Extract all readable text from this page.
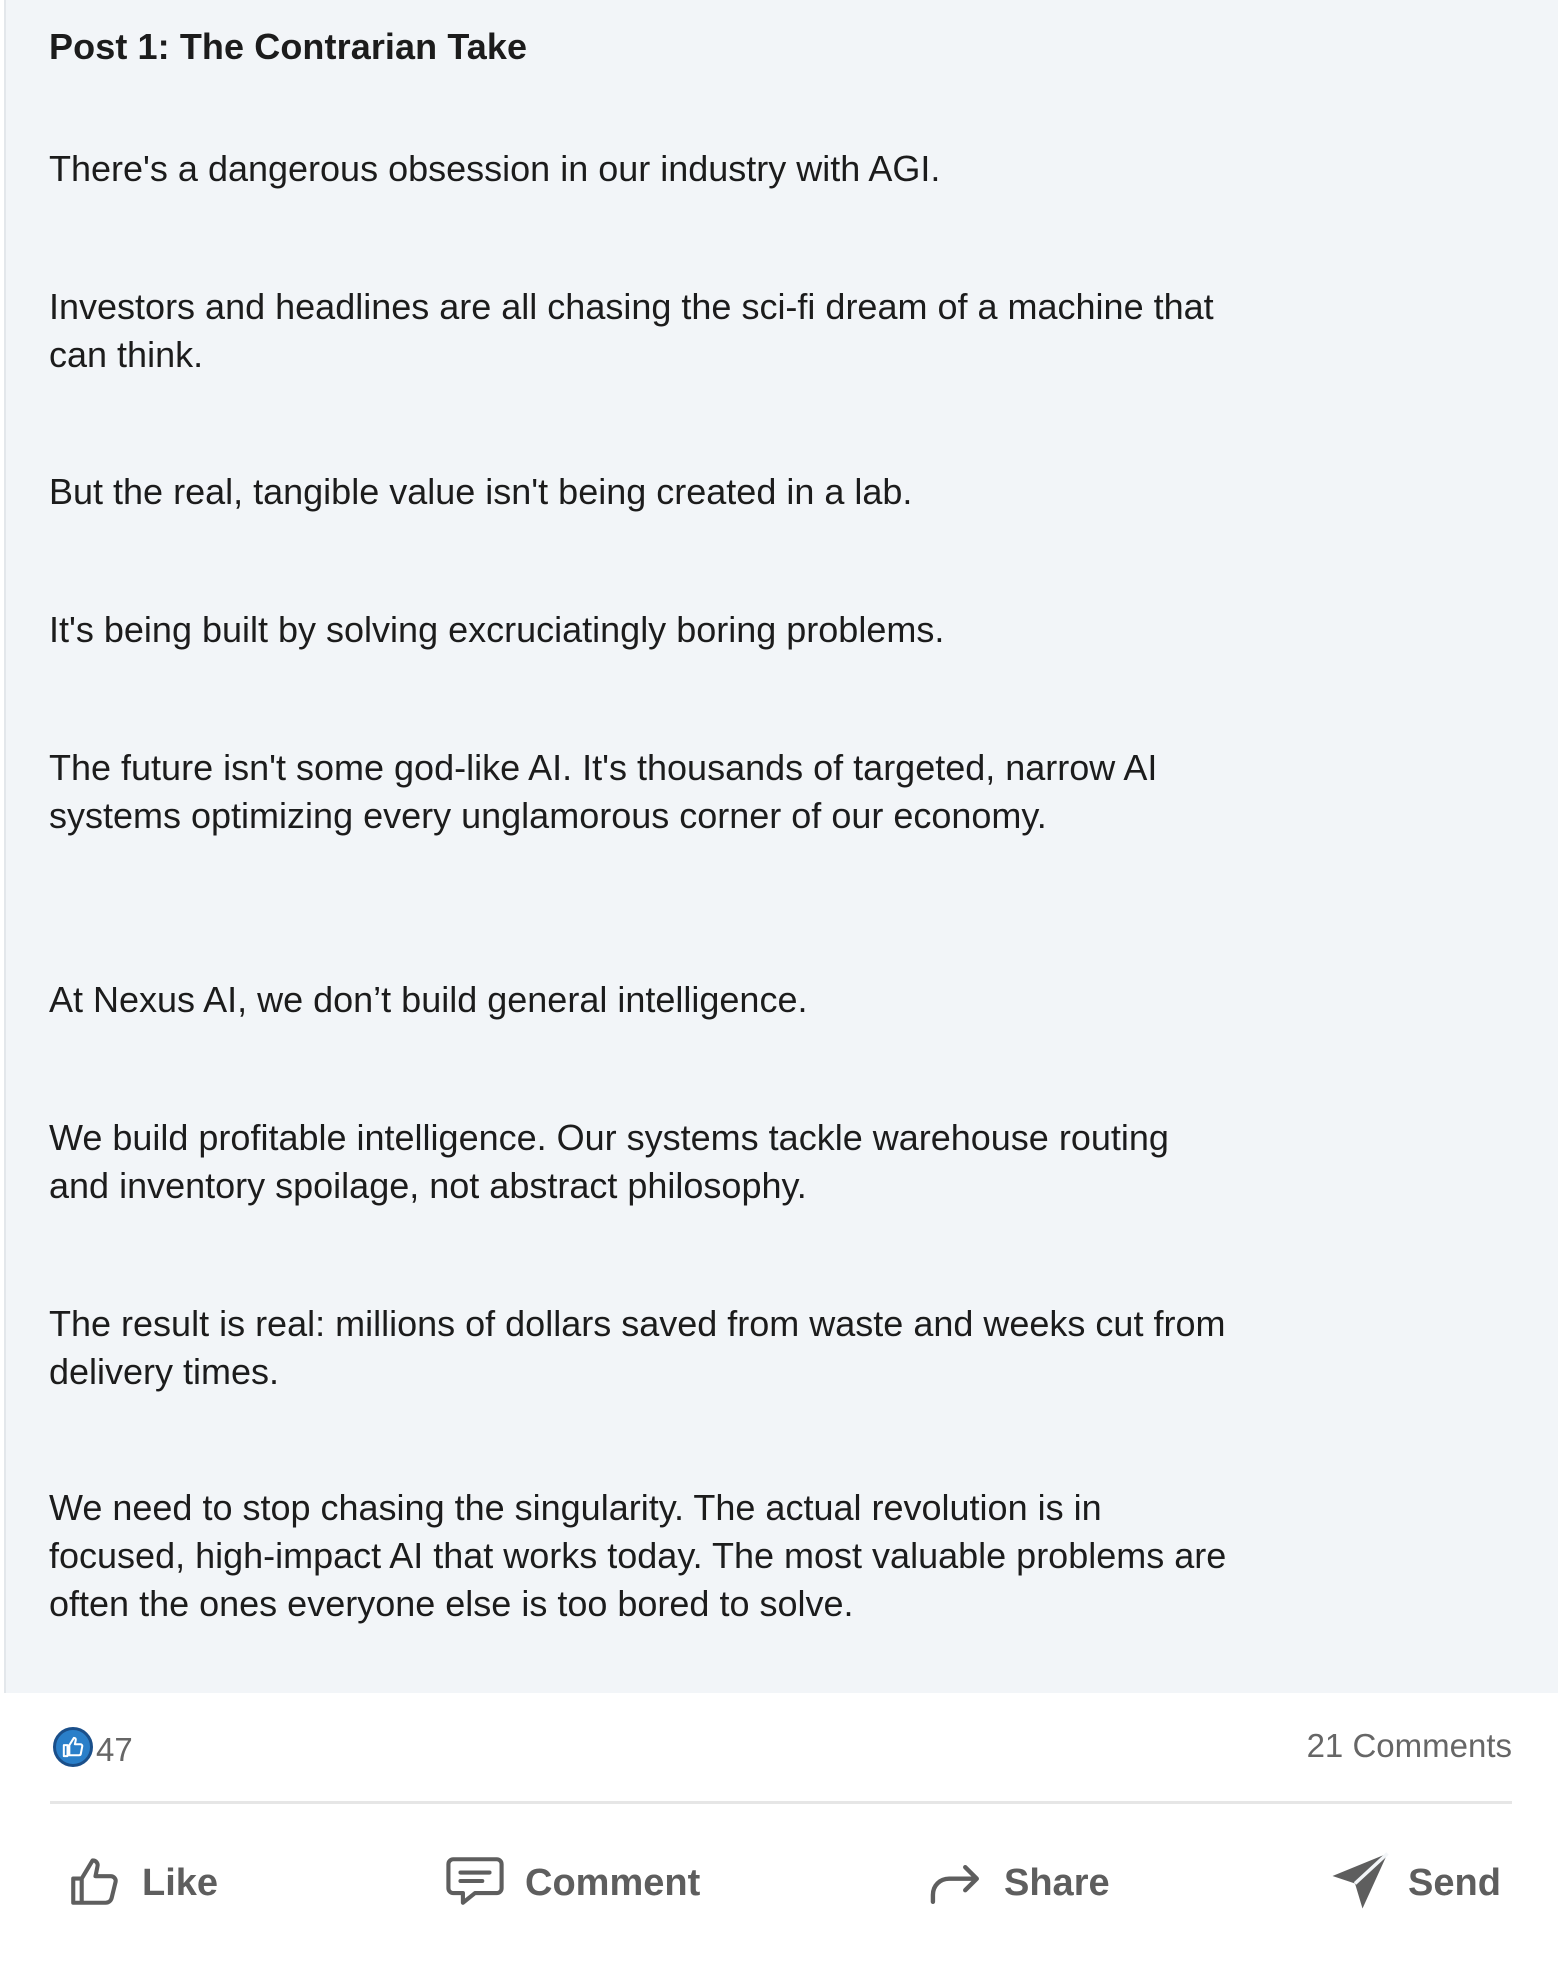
Post 1: The Contrarian Take
There's a dangerous obsession in our industry with AGI.
Investors and headlines are all chasing the sci-fi dream of a machine that can think.
But the real, tangible value isn't being created in a lab.
It's being built by solving excruciatingly boring problems.
The future isn't some god-like AI. It's thousands of targeted, narrow AI systems optimizing every unglamorous corner of our economy.
At Nexus AI, we don’t build general intelligence.
We build profitable intelligence. Our systems tackle warehouse routing and inventory spoilage, not abstract philosophy.
The result is real: millions of dollars saved from waste and weeks cut from delivery times.
We need to stop chasing the singularity. The actual revolution is in focused, high-impact AI that works today. The most valuable problems are often the ones everyone else is too bored to solve.
47	21 Comments
Like	Comment	Share	Send
